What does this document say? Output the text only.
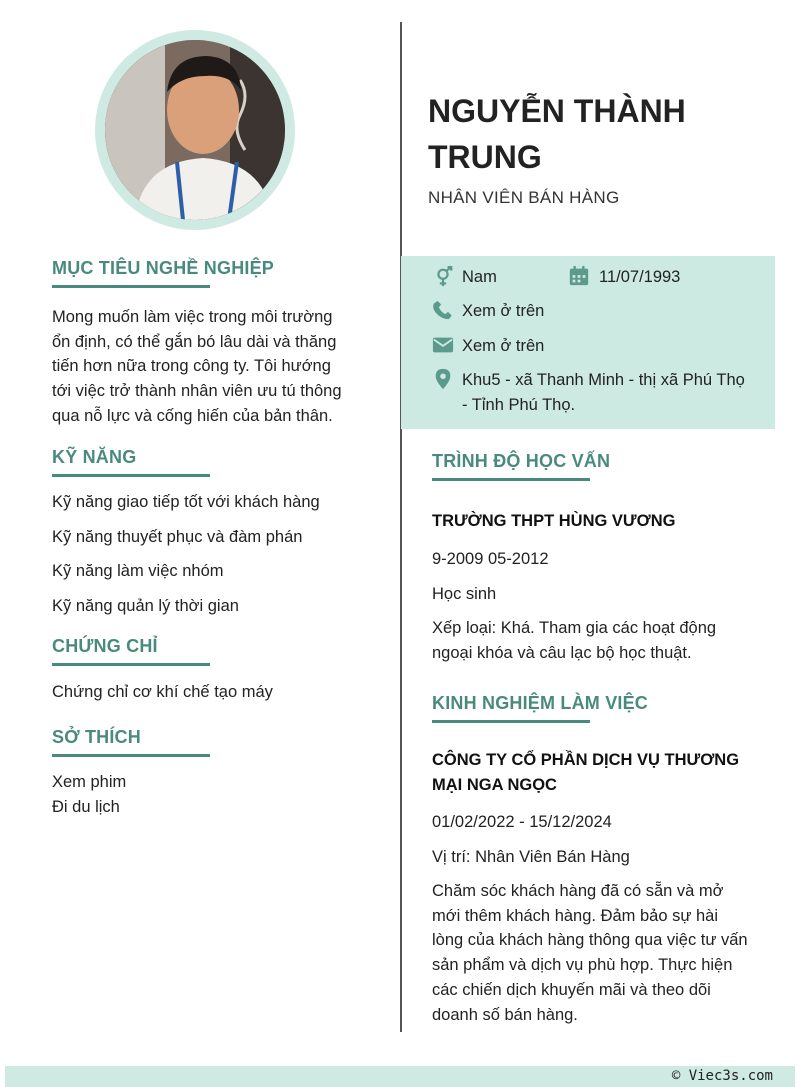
MỤC TIÊU NGHỀ NGHIỆP
Mong muốn làm việc trong môi trường ổn định, có thể gắn bó lâu dài và thăng tiến hơn nữa trong công ty. Tôi hướng tới việc trở thành nhân viên ưu tú thông qua nỗ lực và cống hiến của bản thân.
KỸ NĂNG
Kỹ năng giao tiếp tốt với khách hàng
Kỹ năng thuyết phục và đàm phán
Kỹ năng làm việc nhóm
Kỹ năng quản lý thời gian
CHỨNG CHỈ
Chứng chỉ cơ khí chế tạo máy
SỞ THÍCH
Xem phim
Đi du lịch
NGUYỄN THÀNH
TRUNG
NHÂN VIÊN BÁN HÀNG
Nam	11/07/1993
Xem ở trên
Xem ở trên
Khu5 - xã Thanh Minh - thị xã Phú Thọ - Tỉnh Phú Thọ.
TRÌNH ĐỘ HỌC VẤN
TRƯỜNG THPT HÙNG VƯƠNG
9-2009 05-2012
Học sinh
Xếp loại: Khá. Tham gia các hoạt động ngoại khóa và câu lạc bộ học thuật.
KINH NGHIỆM LÀM VIỆC
CÔNG TY CỔ PHẦN DỊCH VỤ THƯƠNG
MẠI NGA NGỌC
01/02/2022 - 15/12/2024
Vị trí: Nhân Viên Bán Hàng
Chăm sóc khách hàng đã có sẵn và mở mới thêm khách hàng. Đảm bảo sự hài lòng của khách hàng thông qua việc tư vấn sản phẩm và dịch vụ phù hợp. Thực hiện các chiến dịch khuyến mãi và theo dõi doanh số bán hàng.
© Viec3s.com
